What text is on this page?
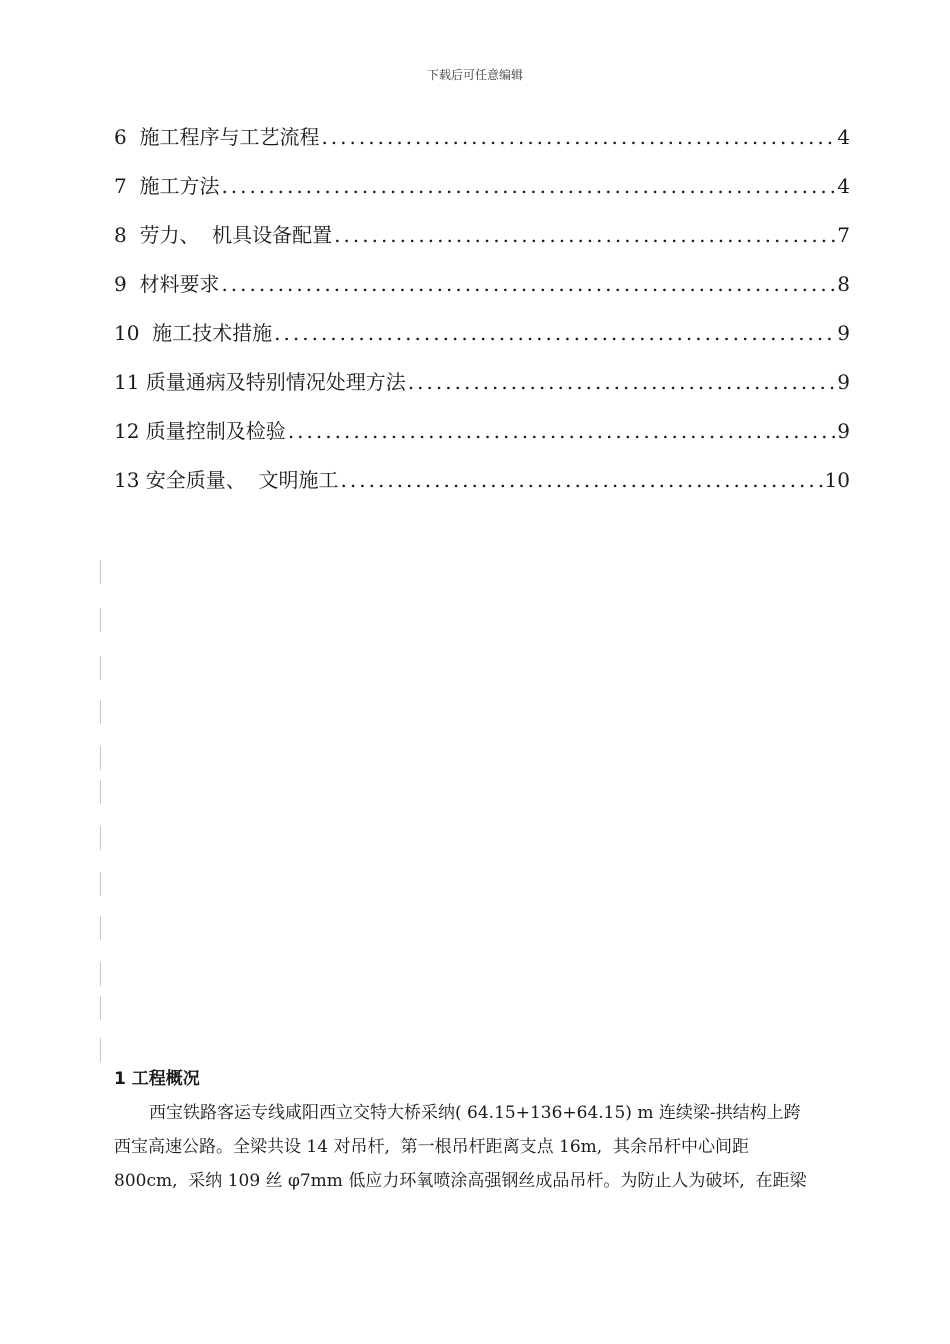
下载后可任意编辑
6  施工程序与工艺流程 .....	4
7  施工方法 .....	4
8  劳力、  机具设备配置 .....	7
9  材料要求 .....	8
10  施工技术措施 .....	9
11 质量通病及特别情况处理方法 .....	9
12 质量控制及检验 .....	9
13 安全质量、  文明施工 .....	10
1 工程概况
西宝铁路客运专线咸阳西立交特大桥采纳( 64.15+136+64.15) m 连续梁-拱结构上跨
西宝高速公路。全梁共设 14 对吊杆,  第一根吊杆距离支点 16m,  其余吊杆中心间距
800cm,  采纳 109 丝 φ7mm 低应力环氧喷涂高强钢丝成品吊杆。为防止人为破坏,  在距梁
